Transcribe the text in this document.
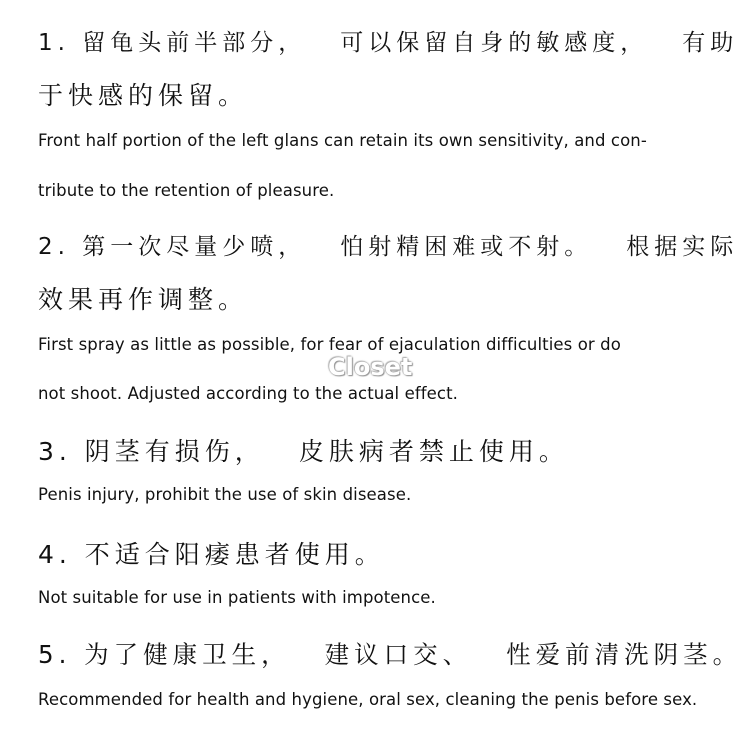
1. 留龟头前半部分， 可以保留自身的敏感度， 有助
于快感的保留。
Front half portion of the left glans can retain its own sensitivity, and con-
tribute to the retention of pleasure.
2. 第一次尽量少喷， 怕射精困难或不射。 根据实际
效果再作调整。
First spray as little as possible, for fear of ejaculation difficulties or do
not shoot. Adjusted according to the actual effect.
3. 阴茎有损伤， 皮肤病者禁止使用。
Penis injury, prohibit the use of skin disease.
4. 不适合阳痿患者使用。
Not suitable for use in patients with impotence.
5. 为了健康卫生， 建议口交、 性爱前清洗阴茎。
Recommended for health and hygiene, oral sex, cleaning the penis before sex.
Closet
